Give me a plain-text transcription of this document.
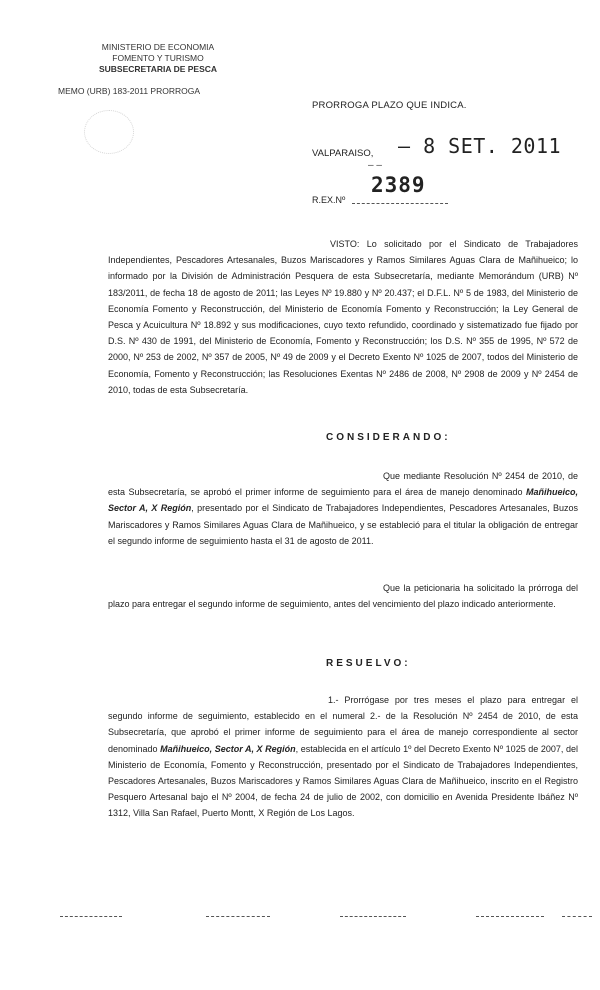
MINISTERIO DE ECONOMIA
FOMENTO Y TURISMO
SUBSECRETARIA DE PESCA
MEMO (URB) 183-2011 PRORROGA
PRORROGA PLAZO QUE INDICA.
VALPARAISO, – 8 SET. 2011
– –
2389
R.EX.Nº
VISTO: Lo solicitado por el Sindicato de Trabajadores Independientes, Pescadores Artesanales, Buzos Mariscadores y Ramos Similares Aguas Clara de Mañihueico; lo informado por la División de Administración Pesquera de esta Subsecretaría, mediante Memorándum (URB) Nº 183/2011, de fecha 18 de agosto de 2011; las Leyes Nº 19.880 y Nº 20.437; el D.F.L. Nº 5 de 1983, del Ministerio de Economía Fomento y Reconstrucción, del Ministerio de Economía Fomento y Reconstrucción; la Ley General de Pesca y Acuicultura Nº 18.892 y sus modificaciones, cuyo texto refundido, coordinado y sistematizado fue fijado por D.S. Nº 430 de 1991, del Ministerio de Economía, Fomento y Reconstrucción; los D.S. Nº 355 de 1995, Nº 572 de 2000, Nº 253 de 2002, Nº 357 de 2005, Nº 49 de 2009 y el Decreto Exento Nº 1025 de 2007, todos del Ministerio de Economía, Fomento y Reconstrucción; las Resoluciones Exentas Nº 2486 de 2008, Nº 2908 de 2009 y Nº 2454 de 2010, todas de esta Subsecretaría.
CONSIDERANDO:
Que mediante Resolución Nº 2454 de 2010, de esta Subsecretaría, se aprobó el primer informe de seguimiento para el área de manejo denominado Mañihueico, Sector A, X Región, presentado por el Sindicato de Trabajadores Independientes, Pescadores Artesanales, Buzos Mariscadores y Ramos Similares Aguas Clara de Mañihueico, y se estableció para el titular la obligación de entregar el segundo informe de seguimiento hasta el 31 de agosto de 2011.
Que la peticionaria ha solicitado la prórroga del plazo para entregar el segundo informe de seguimiento, antes del vencimiento del plazo indicado anteriormente.
RESUELVO:
1.- Prorrógase por tres meses el plazo para entregar el segundo informe de seguimiento, establecido en el numeral 2.- de la Resolución Nº 2454 de 2010, de esta Subsecretaría, que aprobó el primer informe de seguimiento para el área de manejo correspondiente al sector denominado Mañihueico, Sector A, X Región, establecida en el artículo 1º del Decreto Exento Nº 1025 de 2007, del Ministerio de Economía, Fomento y Reconstrucción, presentado por el Sindicato de Trabajadores Independientes, Pescadores Artesanales, Buzos Mariscadores y Ramos Similares Aguas Clara de Mañihueico, inscrito en el Registro Pesquero Artesanal bajo el Nº 2004, de fecha 24 de julio de 2002, con domicilio en Avenida Presidente Ibáñez Nº 1312, Villa San Rafael, Puerto Montt, X Región de Los Lagos.
